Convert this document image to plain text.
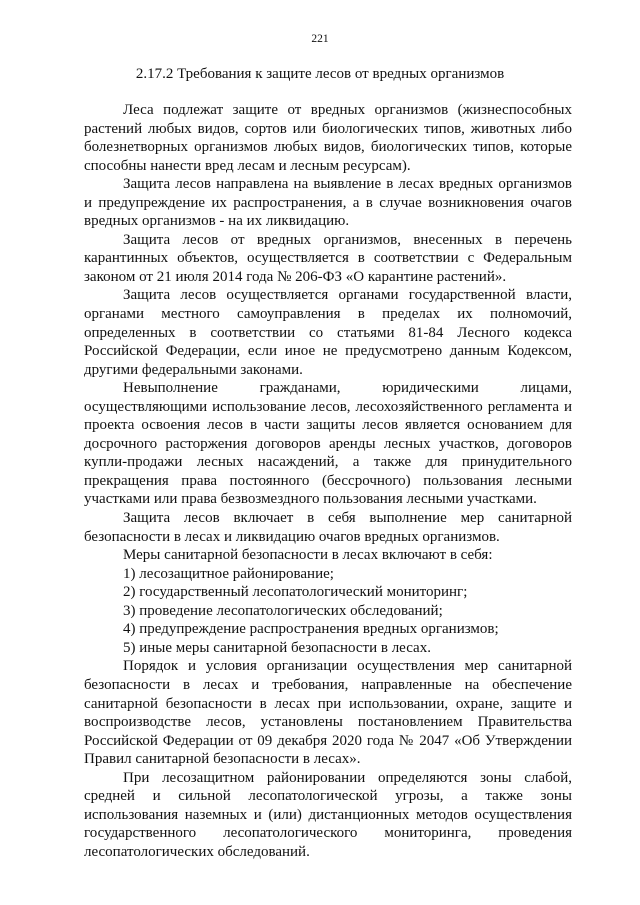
221
2.17.2 Требования к защите лесов от вредных организмов

Леса подлежат защите от вредных организмов (жизнеспособных растений любых видов, сортов или биологических типов, животных либо болезнетворных организмов любых видов, биологических типов, которые способны нанести вред лесам и лесным ресурсам).

Защита лесов направлена на выявление в лесах вредных организмов и предупреждение их распространения, а в случае возникновения очагов вредных организмов - на их ликвидацию.

Защита лесов от вредных организмов, внесенных в перечень карантинных объектов, осуществляется в соответствии с Федеральным законом от 21 июля 2014 года № 206-ФЗ «О карантине растений».

Защита лесов осуществляется органами государственной власти, органами местного самоуправления в пределах их полномочий, определенных в соответствии со статьями 81-84 Лесного кодекса Российской Федерации, если иное не предусмотрено данным Кодексом, другими федеральными законами.

Невыполнение гражданами, юридическими лицами, осуществляющими использование лесов, лесохозяйственного регламента и проекта освоения лесов в части защиты лесов является основанием для досрочного расторжения договоров аренды лесных участков, договоров купли-продажи лесных насаждений, а также для принудительного прекращения права постоянного (бессрочного) пользования лесными участками или права безвозмездного пользования лесными участками.

Защита лесов включает в себя выполнение мер санитарной безопасности в лесах и ликвидацию очагов вредных организмов.

Меры санитарной безопасности в лесах включают в себя:

1) лесозащитное районирование;

2) государственный лесопатологический мониторинг;

3) проведение лесопатологических обследований;

4) предупреждение распространения вредных организмов;

5) иные меры санитарной безопасности в лесах.

Порядок и условия организации осуществления мер санитарной безопасности в лесах и требования, направленные на обеспечение санитарной безопасности в лесах при использовании, охране, защите и воспроизводстве лесов, установлены постановлением Правительства Российской Федерации от 09 декабря 2020 года № 2047 «Об Утверждении Правил санитарной безопасности в лесах».

При лесозащитном районировании определяются зоны слабой, средней и сильной лесопатологической угрозы, а также зоны использования наземных и (или) дистанционных методов осуществления государственного лесопатологического мониторинга, проведения лесопатологических обследований.
